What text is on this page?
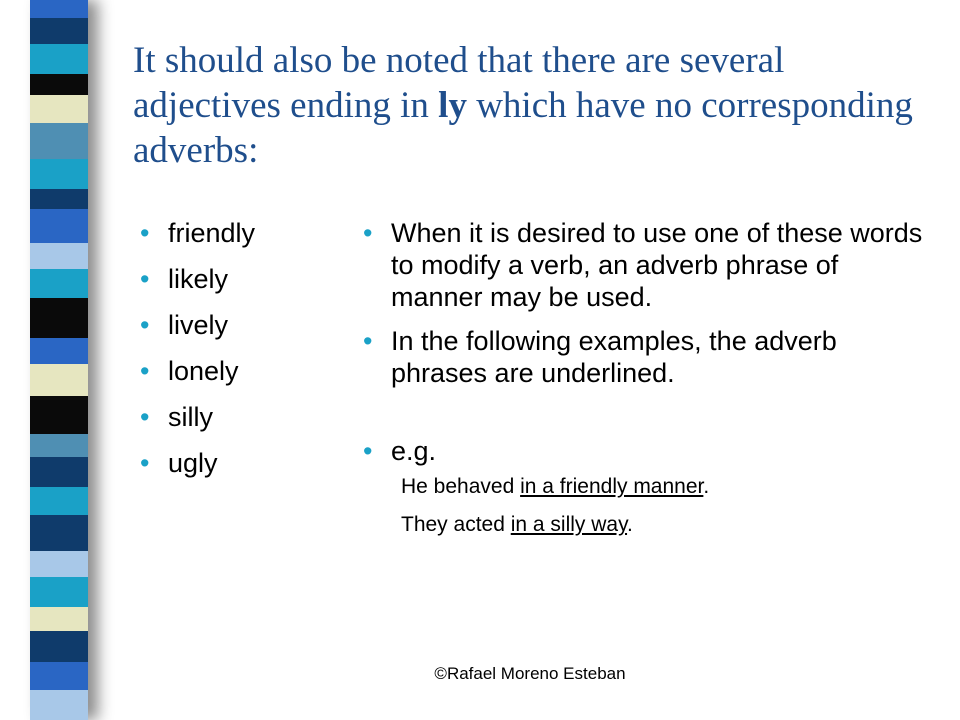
It should also be noted that there are several adjectives ending in ly which have no corresponding adverbs:
• friendly
• likely
• lively
• lonely
• silly
• ugly
• When it is desired to use one of these words to modify a verb, an adverb phrase of manner may be used.
• In the following examples, the adverb phrases are underlined.
• e.g.
He behaved in a friendly manner.
They acted in a silly way.
©Rafael Moreno Esteban
